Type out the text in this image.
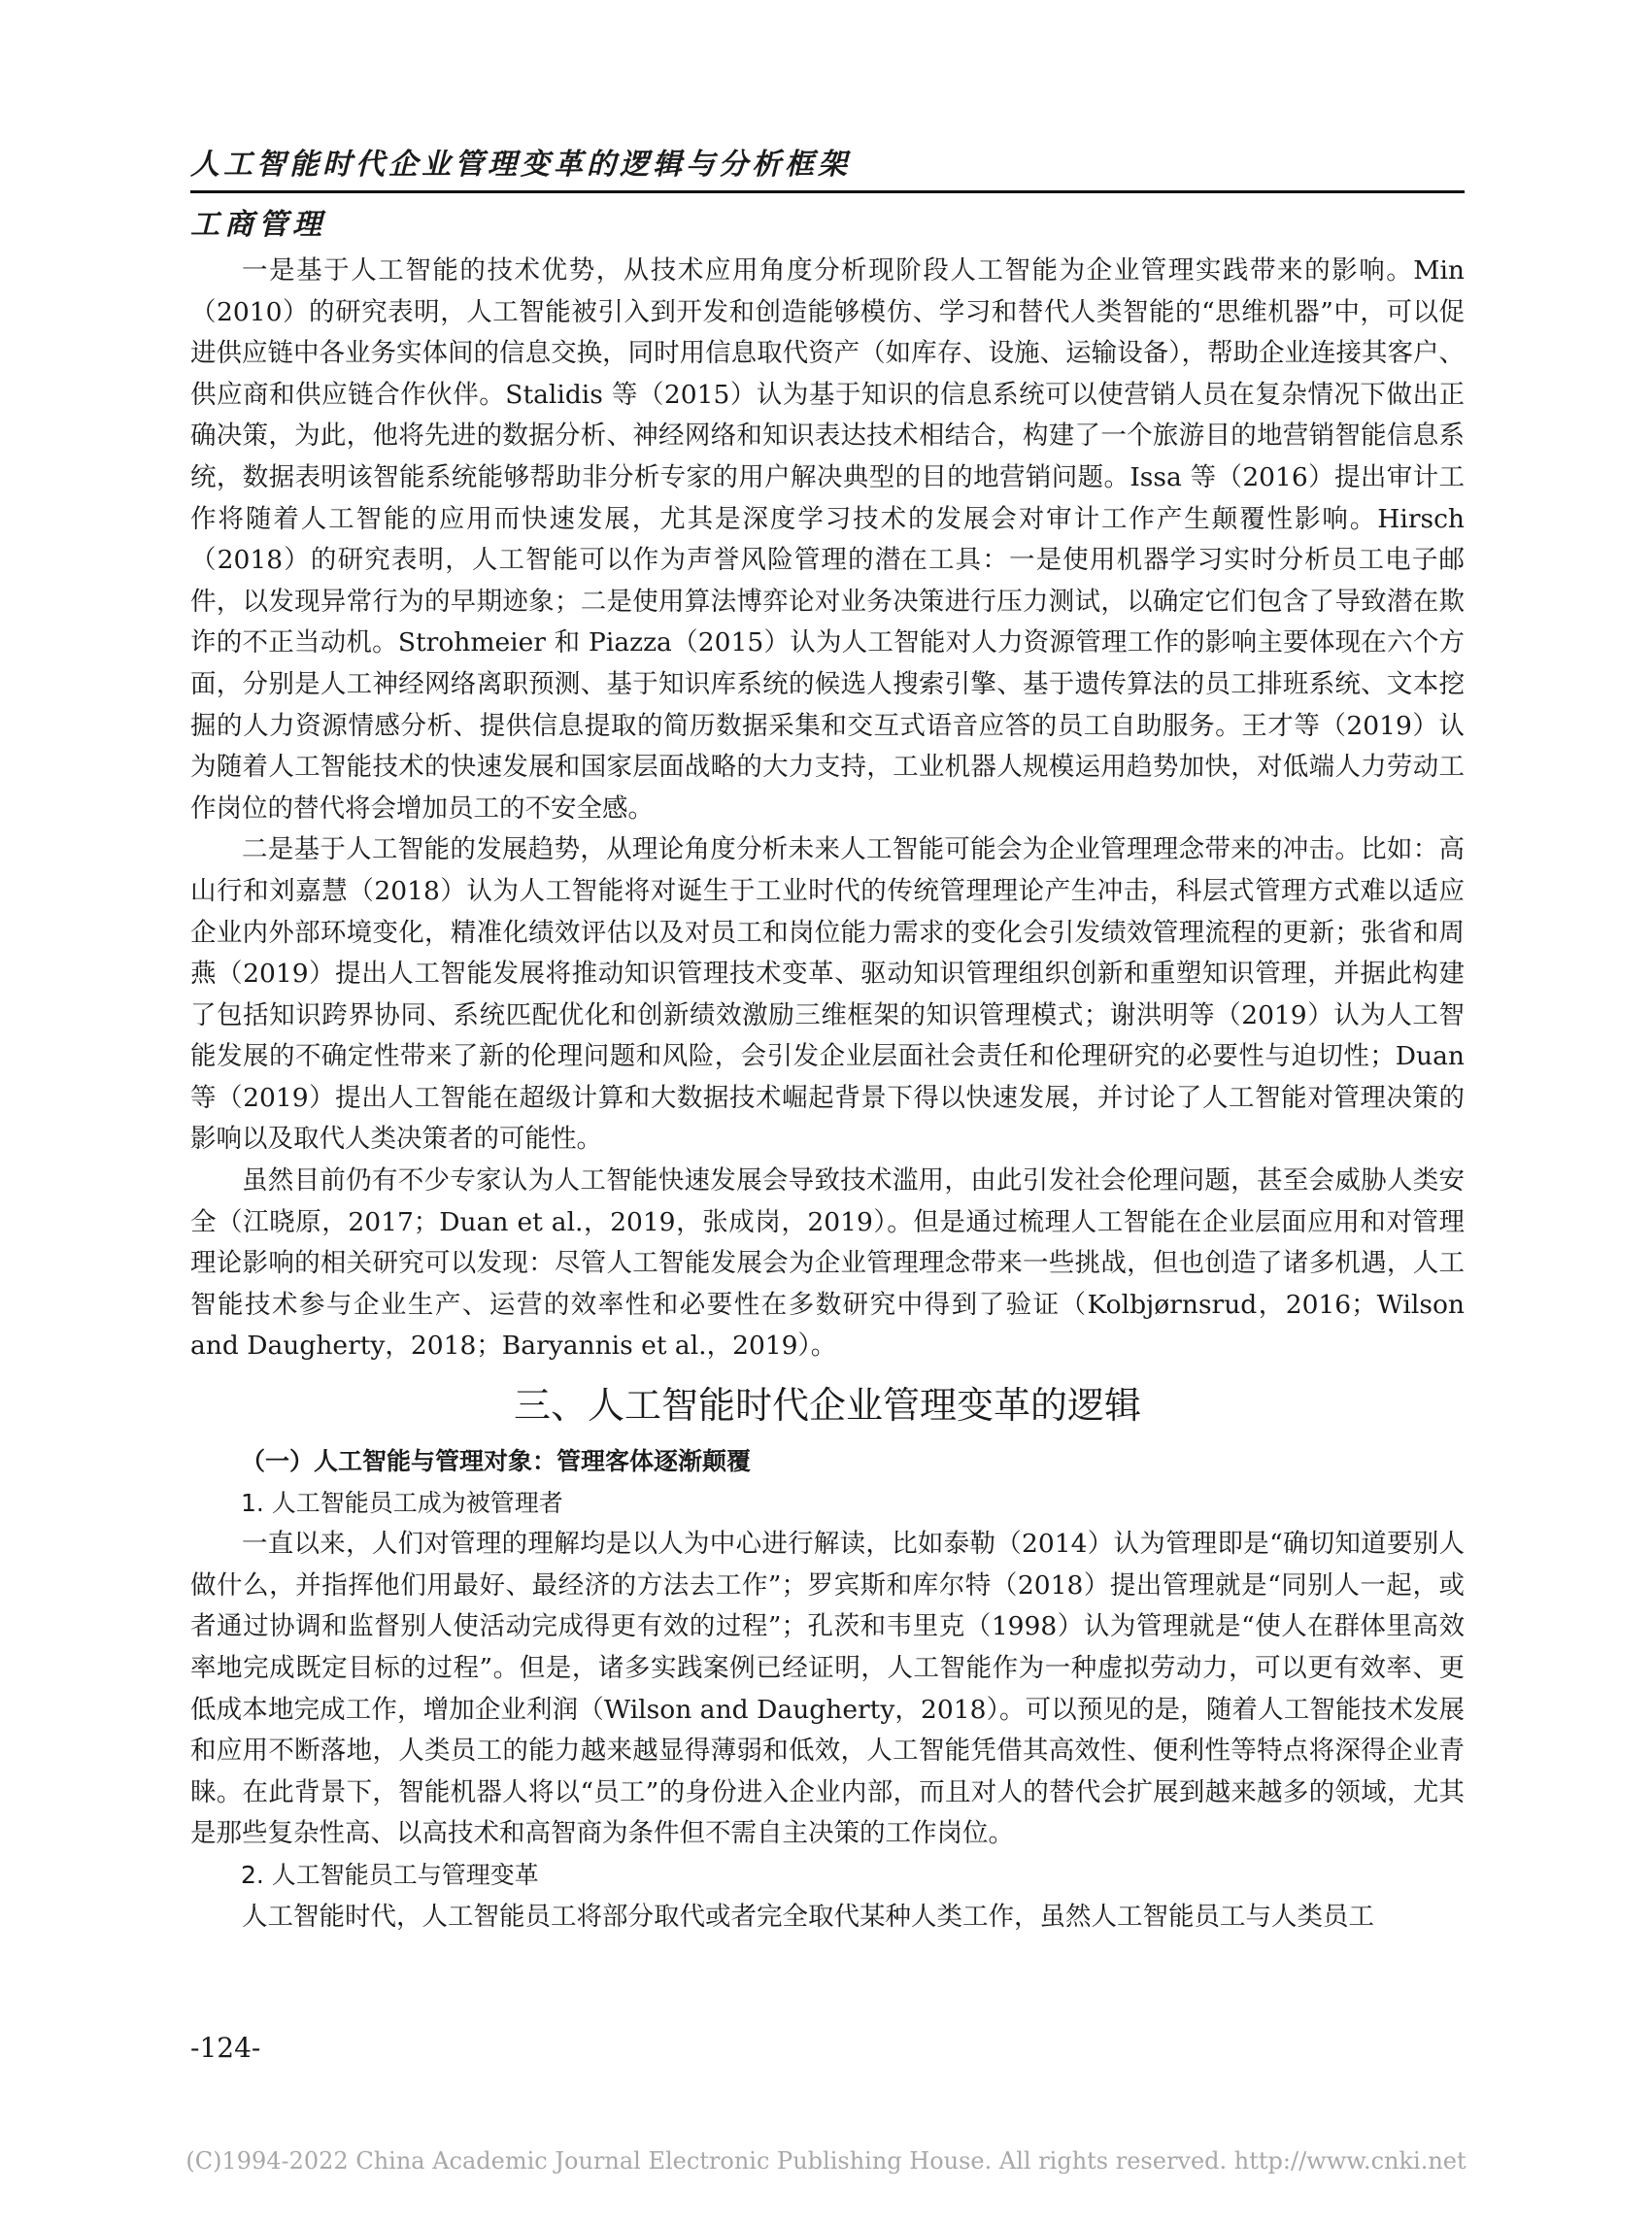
人工智能时代企业管理变革的逻辑与分析框架
工商管理

一是基于人工智能的技术优势，从技术应用角度分析现阶段人工智能为企业管理实践带来的影响。Min（2010）的研究表明，人工智能被引入到开发和创造能够模仿、学习和替代人类智能的“思维机器”中，可以促进供应链中各业务实体间的信息交换，同时用信息取代资产（如库存、设施、运输设备），帮助企业连接其客户、供应商和供应链合作伙伴。Stalidis 等（2015）认为基于知识的信息系统可以使营销人员在复杂情况下做出正确决策，为此，他将先进的数据分析、神经网络和知识表达技术相结合，构建了一个旅游目的地营销智能信息系统，数据表明该智能系统能够帮助非分析专家的用户解决典型的目的地营销问题。Issa 等（2016）提出审计工作将随着人工智能的应用而快速发展，尤其是深度学习技术的发展会对审计工作产生颠覆性影响。Hirsch（2018）的研究表明，人工智能可以作为声誉风险管理的潜在工具：一是使用机器学习实时分析员工电子邮件，以发现异常行为的早期迹象；二是使用算法博弈论对业务决策进行压力测试，以确定它们包含了导致潜在欺诈的不正当动机。Strohmeier 和 Piazza（2015）认为人工智能对人力资源管理工作的影响主要体现在六个方面，分别是人工神经网络离职预测、基于知识库系统的候选人搜索引擎、基于遗传算法的员工排班系统、文本挖掘的人力资源情感分析、提供信息提取的简历数据采集和交互式语音应答的员工自助服务。王才等（2019）认为随着人工智能技术的快速发展和国家层面战略的大力支持，工业机器人规模运用趋势加快，对低端人力劳动工作岗位的替代将会增加员工的不安全感。

二是基于人工智能的发展趋势，从理论角度分析未来人工智能可能会为企业管理理念带来的冲击。比如：高山行和刘嘉慧（2018）认为人工智能将对诞生于工业时代的传统管理理论产生冲击，科层式管理方式难以适应企业内外部环境变化，精准化绩效评估以及对员工和岗位能力需求的变化会引发绩效管理流程的更新；张省和周燕（2019）提出人工智能发展将推动知识管理技术变革、驱动知识管理组织创新和重塑知识管理，并据此构建了包括知识跨界协同、系统匹配优化和创新绩效激励三维框架的知识管理模式；谢洪明等（2019）认为人工智能发展的不确定性带来了新的伦理问题和风险，会引发企业层面社会责任和伦理研究的必要性与迫切性；Duan 等（2019）提出人工智能在超级计算和大数据技术崛起背景下得以快速发展，并讨论了人工智能对管理决策的影响以及取代人类决策者的可能性。

虽然目前仍有不少专家认为人工智能快速发展会导致技术滥用，由此引发社会伦理问题，甚至会威胁人类安全（江晓原，2017；Duan et al.，2019，张成岗，2019）。但是通过梳理人工智能在企业层面应用和对管理理论影响的相关研究可以发现：尽管人工智能发展会为企业管理理念带来一些挑战，但也创造了诸多机遇，人工智能技术参与企业生产、运营的效率性和必要性在多数研究中得到了验证（Kolbjørnsrud，2016；Wilson and Daugherty，2018；Baryannis et al.，2019）。

三、人工智能时代企业管理变革的逻辑
（一）人工智能与管理对象：管理客体逐渐颠覆
1. 人工智能员工成为被管理者

一直以来，人们对管理的理解均是以人为中心进行解读，比如泰勒（2014）认为管理即是“确切知道要别人做什么，并指挥他们用最好、最经济的方法去工作”；罗宾斯和库尔特（2018）提出管理就是“同别人一起，或者通过协调和监督别人使活动完成得更有效的过程”；孔茨和韦里克（1998）认为管理就是“使人在群体里高效率地完成既定目标的过程”。但是，诸多实践案例已经证明，人工智能作为一种虚拟劳动力，可以更有效率、更低成本地完成工作，增加企业利润（Wilson and Daugherty，2018）。可以预见的是，随着人工智能技术发展和应用不断落地，人类员工的能力越来越显得薄弱和低效，人工智能凭借其高效性、便利性等特点将深得企业青睐。在此背景下，智能机器人将以“员工”的身份进入企业内部，而且对人的替代会扩展到越来越多的领域，尤其是那些复杂性高、以高技术和高智商为条件但不需自主决策的工作岗位。

2. 人工智能员工与管理变革

人工智能时代，人工智能员工将部分取代或者完全取代某种人类工作，虽然人工智能员工与人类员工

-124-
(C)1994-2022 China Academic Journal Electronic Publishing House. All rights reserved. http://www.cnki.net
